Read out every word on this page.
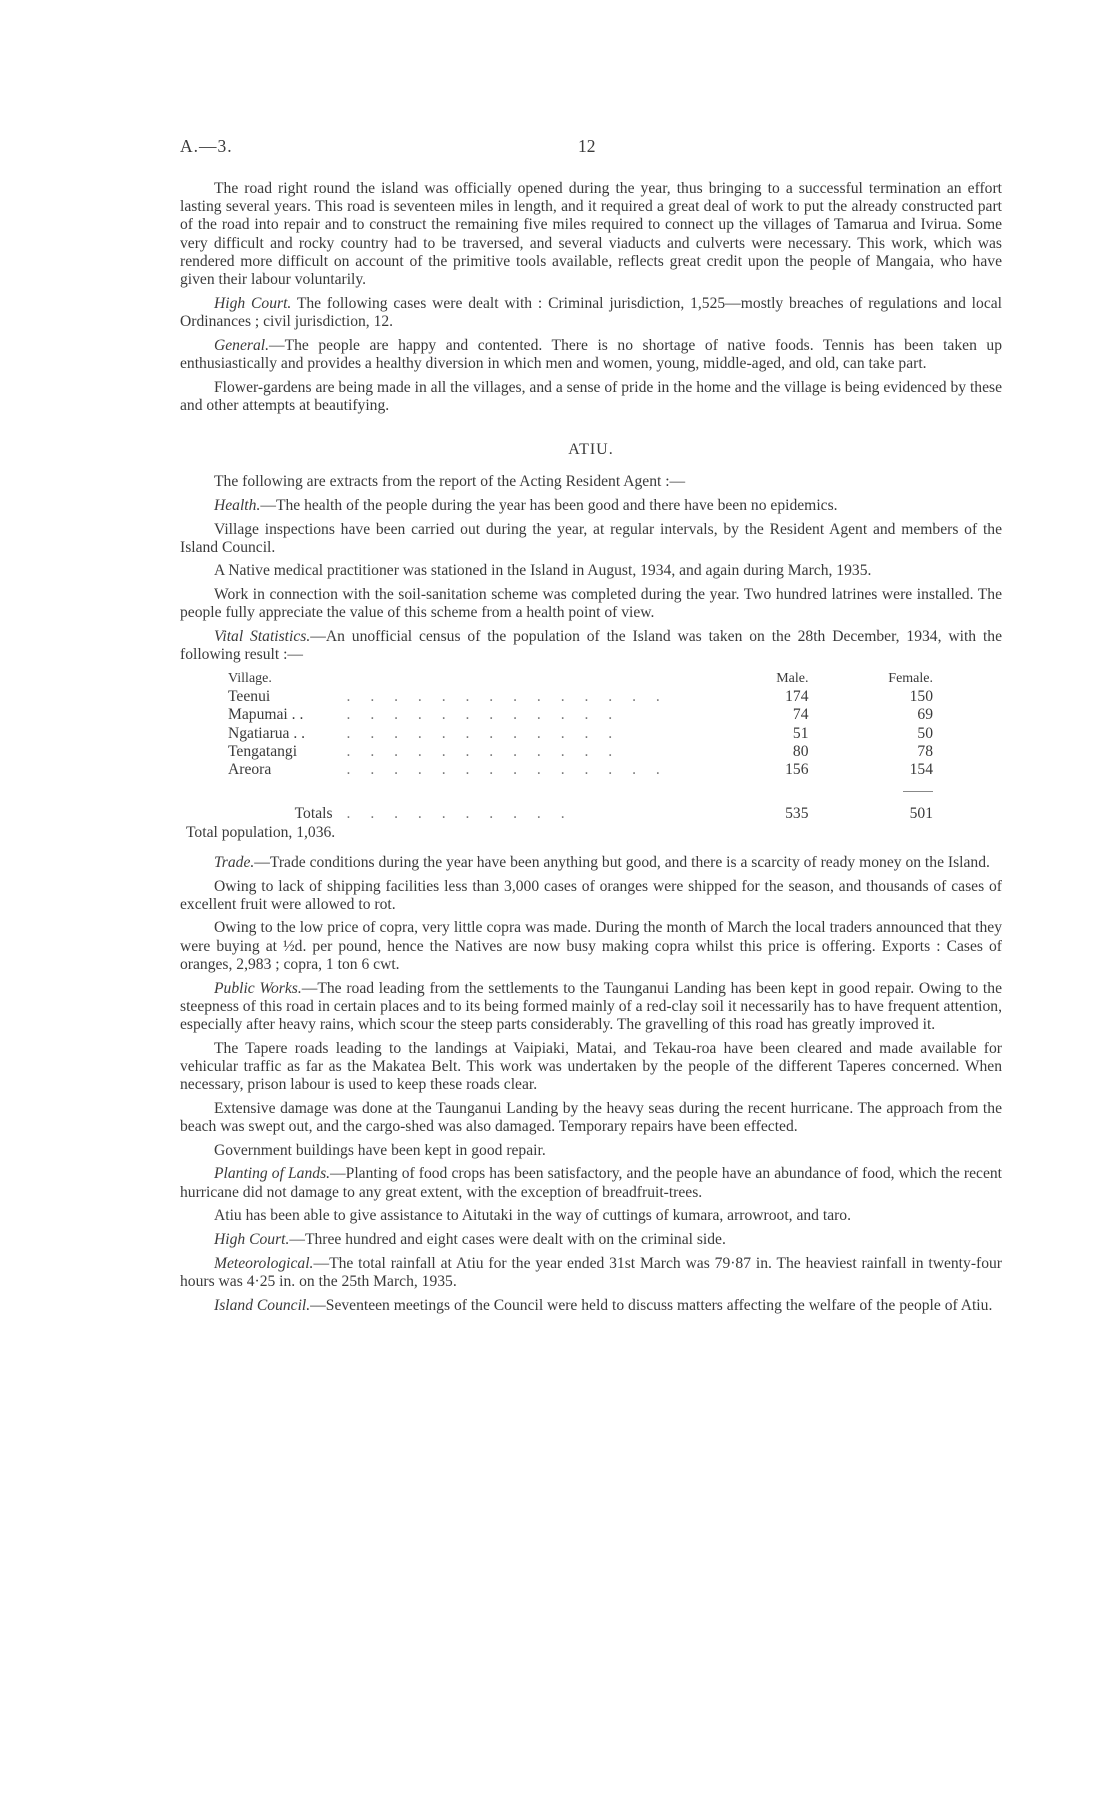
A.—3.	12

The road right round the island was officially opened during the year, thus bringing to a successful termination an effort lasting several years. This road is seventeen miles in length, and it required a great deal of work to put the already constructed part of the road into repair and to construct the remaining five miles required to connect up the villages of Tamarua and Ivirua. Some very difficult and rocky country had to be traversed, and several viaducts and culverts were necessary. This work, which was rendered more difficult on account of the primitive tools available, reflects great credit upon the people of Mangaia, who have given their labour voluntarily.

High Court. The following cases were dealt with : Criminal jurisdiction, 1,525—mostly breaches of regulations and local Ordinances ; civil jurisdiction, 12.

General.—The people are happy and contented. There is no shortage of native foods. Tennis has been taken up enthusiastically and provides a healthy diversion in which men and women, young, middle-aged, and old, can take part.

Flower-gardens are being made in all the villages, and a sense of pride in the home and the village is being evidenced by these and other attempts at beautifying.

ATIU.

The following are extracts from the report of the Acting Resident Agent :—

Health.—The health of the people during the year has been good and there have been no epidemics.

Village inspections have been carried out during the year, at regular intervals, by the Resident Agent and members of the Island Council.

A Native medical practitioner was stationed in the Island in August, 1934, and again during March, 1935.

Work in connection with the soil-sanitation scheme was completed during the year. Two hundred latrines were installed. The people fully appreciate the value of this scheme from a health point of view.

Vital Statistics.—An unofficial census of the population of the Island was taken on the 28th December, 1934, with the following result :—

Village.		Male.	Female.
Teenui	. . . . . . . . . . . . . .	174	150
Mapumai . .	. . . . . . . . . . . .	74	69
Ngatiarua . .	. . . . . . . . . . . .	51	50
Tengatangi	. . . . . . . . . . . .	80	78
Areora	. . . . . . . . . . . . . .	156	154

Totals	. . . . . . . . . .	535	501
Total population, 1,036.

Trade.—Trade conditions during the year have been anything but good, and there is a scarcity of ready money on the Island.

Owing to lack of shipping facilities less than 3,000 cases of oranges were shipped for the season, and thousands of cases of excellent fruit were allowed to rot.

Owing to the low price of copra, very little copra was made. During the month of March the local traders announced that they were buying at ½d. per pound, hence the Natives are now busy making copra whilst this price is offering. Exports : Cases of oranges, 2,983 ; copra, 1 ton 6 cwt.

Public Works.—The road leading from the settlements to the Taunganui Landing has been kept in good repair. Owing to the steepness of this road in certain places and to its being formed mainly of a red-clay soil it necessarily has to have frequent attention, especially after heavy rains, which scour the steep parts considerably. The gravelling of this road has greatly improved it.

The Tapere roads leading to the landings at Vaipiaki, Matai, and Tekau-roa have been cleared and made available for vehicular traffic as far as the Makatea Belt. This work was undertaken by the people of the different Taperes concerned. When necessary, prison labour is used to keep these roads clear.

Extensive damage was done at the Taunganui Landing by the heavy seas during the recent hurricane. The approach from the beach was swept out, and the cargo-shed was also damaged. Temporary repairs have been effected.

Government buildings have been kept in good repair.

Planting of Lands.—Planting of food crops has been satisfactory, and the people have an abundance of food, which the recent hurricane did not damage to any great extent, with the exception of breadfruit-trees.

Atiu has been able to give assistance to Aitutaki in the way of cuttings of kumara, arrowroot, and taro.

High Court.—Three hundred and eight cases were dealt with on the criminal side.

Meteorological.—The total rainfall at Atiu for the year ended 31st March was 79·87 in. The heaviest rainfall in twenty-four hours was 4·25 in. on the 25th March, 1935.

Island Council.—Seventeen meetings of the Council were held to discuss matters affecting the welfare of the people of Atiu.
